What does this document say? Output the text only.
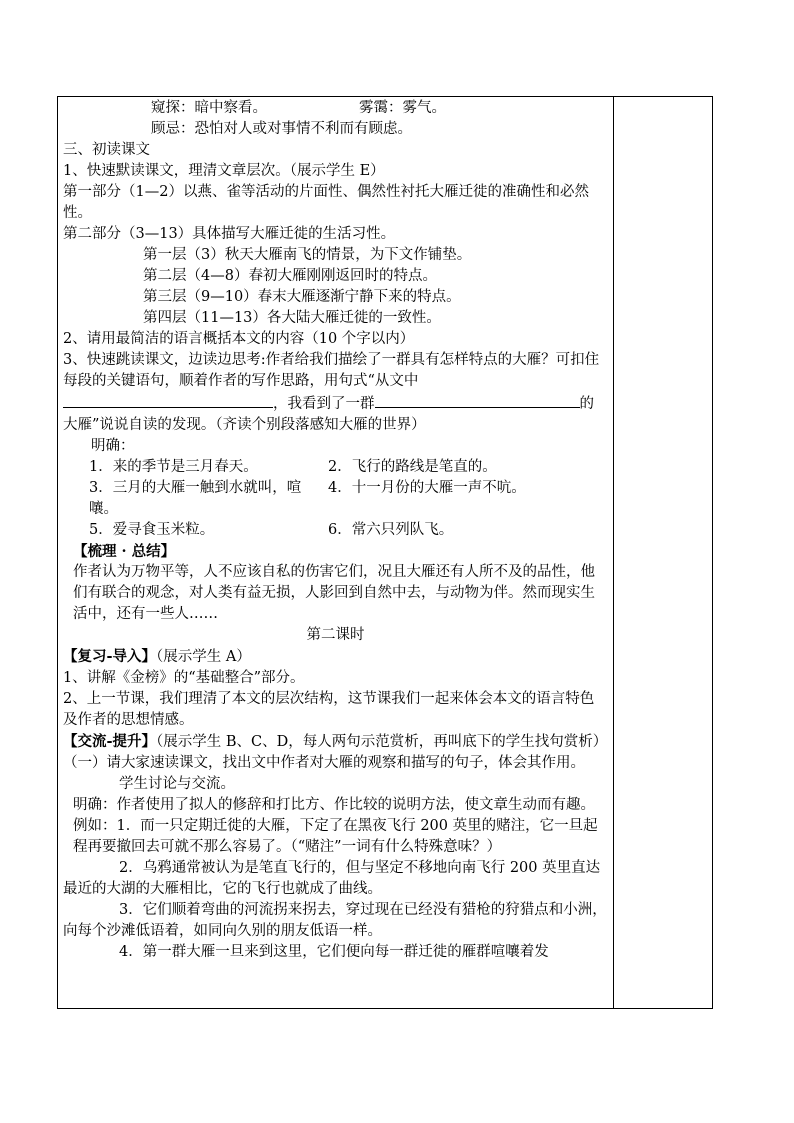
窥探：暗中察看。	雾霭：雾气。

顾忌：恐怕对人或对事情不利而有顾虑。

三、初读课文

1、快速默读课文，理清文章层次。（展示学生 E）

第一部分（1—2）以燕、雀等活动的片面性、偶然性衬托大雁迁徙的准确性和必然性。

第二部分（3—13）具体描写大雁迁徙的生活习性。

第一层（3）秋天大雁南飞的情景，为下文作铺垫。

第二层（4—8）春初大雁刚刚返回时的特点。

第三层（9—10）春末大雁逐渐宁静下来的特点。

第四层（11—13）各大陆大雁迁徙的一致性。

2、请用最简洁的语言概括本文的内容（10 个字以内）

3、快速跳读课文，边读边思考:作者给我们描绘了一群具有怎样特点的大雁？可扣住每段的关键语句，顺着作者的写作思路，用句式“从文中

，我看到了一群	的

大雁”说说自读的发现。（齐读个别段落感知大雁的世界）

明确：

1．来的季节是三月春天。	2．飞行的路线是笔直的。
3．三月的大雁一触到水就叫，喧嚷。
4．十一月份的大雁一声不吭。
5．爱寻食玉米粒。	6．常六只列队飞。

【梳理 · 总结】

作者认为万物平等，人不应该自私的伤害它们，况且大雁还有人所不及的品性，他们有联合的观念，对人类有益无损，人影回到自然中去，与动物为伴。然而现实生活中，还有一些人……

第二课时

【复习-导入】（展示学生 A）

1、讲解《金榜》的“基础整合”部分。

2、上一节课，我们理清了本文的层次结构，这节课我们一起来体会本文的语言特色及作者的思想情感。

【交流-提升】（展示学生 B、C、D，每人两句示范赏析，再叫底下的学生找句赏析）

（一）请大家速读课文，找出文中作者对大雁的观察和描写的句子，体会其作用。

学生讨论与交流。

明确：作者使用了拟人的修辞和打比方、作比较的说明方法，使文章生动而有趣。

例如：1．而一只定期迁徙的大雁，下定了在黑夜飞行 200 英里的赌注，它一旦起程再要撤回去可就不那么容易了。（“赌注”一词有什么特殊意味？）

2．乌鸦通常被认为是笔直飞行的，但与坚定不移地向南飞行 200 英里直达最近的大湖的大雁相比，它的飞行也就成了曲线。

3．它们顺着弯曲的河流拐来拐去，穿过现在已经没有猎枪的狩猎点和小洲，向每个沙滩低语着，如同向久别的朋友低语一样。

4．第一群大雁一旦来到这里，它们便向每一群迁徙的雁群喧嚷着发
